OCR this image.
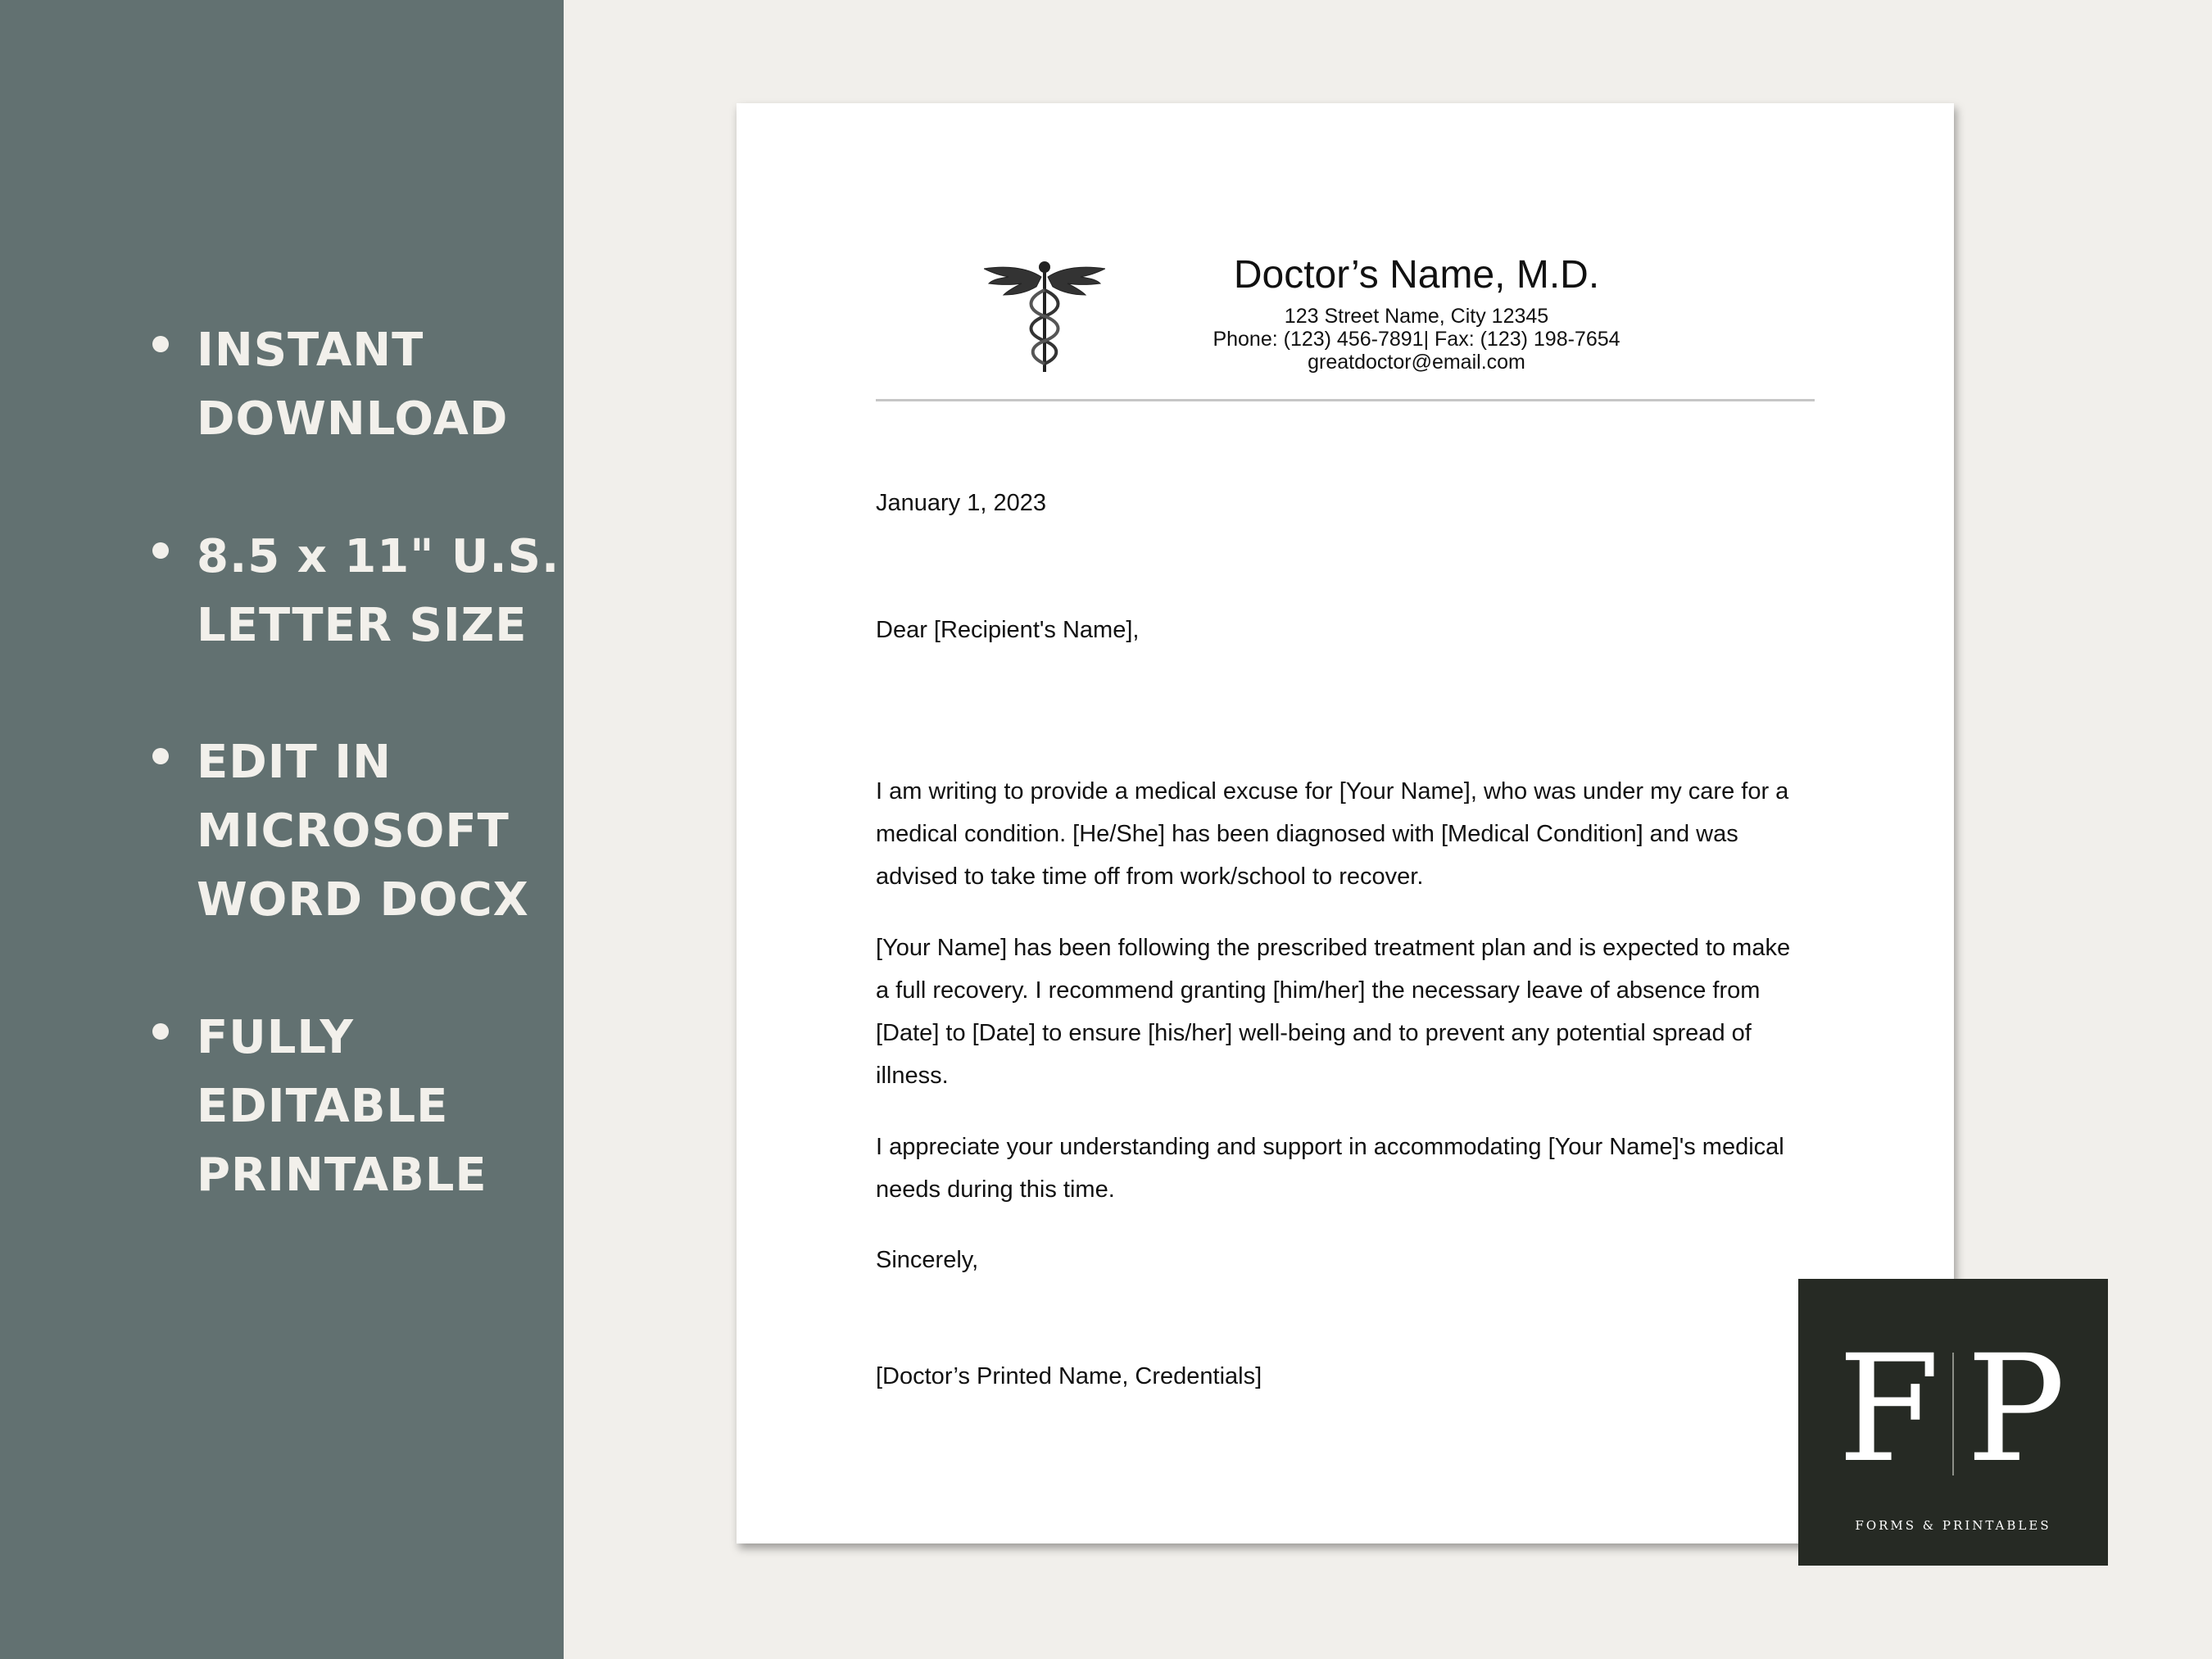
INSTANT
DOWNLOAD
8.5 x 11" U.S.
LETTER SIZE
EDIT IN
MICROSOFT
WORD DOCX
FULLY
EDITABLE
PRINTABLE
Doctor’s Name, M.D.
123 Street Name, City 12345
Phone: (123) 456-7891| Fax: (123) 198-7654
greatdoctor@email.com
January 1, 2023
Dear [Recipient's Name],
I am writing to provide a medical excuse for [Your Name], who was under my care for a
medical condition. [He/She] has been diagnosed with [Medical Condition] and was
advised to take time off from work/school to recover.
[Your Name] has been following the prescribed treatment plan and is expected to make
a full recovery. I recommend granting [him/her] the necessary leave of absence from
[Date] to [Date] to ensure [his/her] well-being and to prevent any potential spread of
illness.
I appreciate your understanding and support in accommodating [Your Name]'s medical
needs during this time.
Sincerely,
[Doctor’s Printed Name, Credentials]	F P
FORMS & PRINTABLES
